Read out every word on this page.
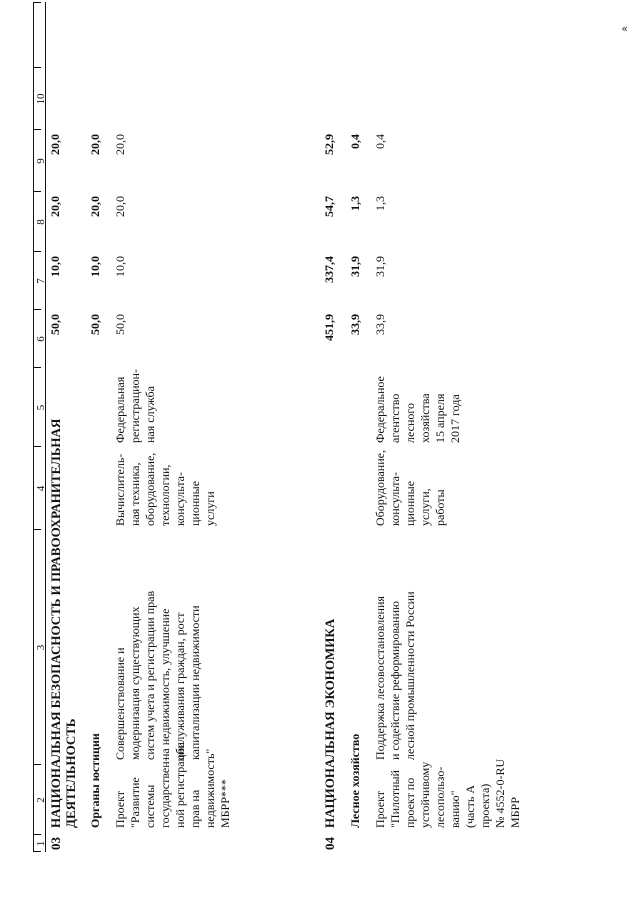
«
1
2
3
4
5
6
7
8
9
10
03
НАЦИОНАЛЬНАЯ БЕЗОПАСНОСТЬ И ПРАВООХРАНИТЕЛЬНАЯ ДЕЯТЕЛЬНОСТЬ
50,0
10,0
20,0
20,0
Органы юстиции
50,0
10,0
20,0
20,0
Проект "Развитие системы государствен- ной регистрации прав на недвижимость" МБРР***
Совершенствование и модернизация существующих систем учета и регистрации прав на недвижимость, улучшение обслуживания граждан, рост капитализации недвижимости
Вычислитель- ная техника, оборудование, технологии, консульта- ционные услуги
Федеральная регистрацион- ная служба
50,0
10,0
20,0
20,0
04
НАЦИОНАЛЬНАЯ ЭКОНОМИКА
451,9
337,4
54,7
52,9
Лесное хозяйство
33,9
31,9
1,3
0,4
Проект "Пилотный проект по устойчивому лесопользо- ванию" (часть А проекта) № 4552-0-RU МБРР
Поддержка лесовосстановления и содействие реформированию лесной промышленности России
Оборудование, консульта- ционные услуги, работы
Федеральное агентство лесного хозяйства 15 апреля 2017 года
33,9
31,9
1,3
0,4
